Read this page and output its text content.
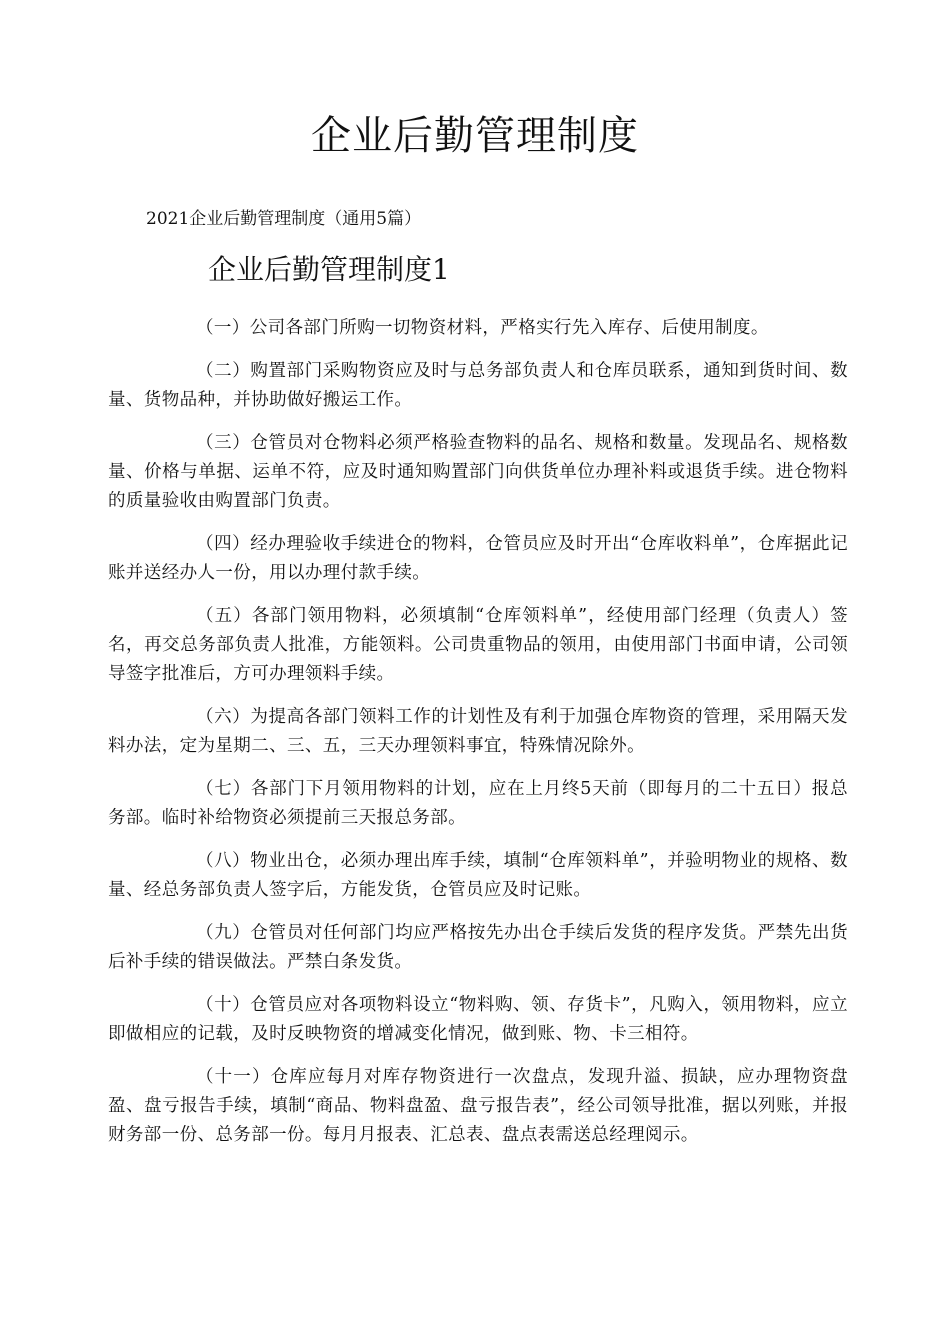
企业后勤管理制度

2021企业后勤管理制度（通用5篇）

企业后勤管理制度1

（一）公司各部门所购一切物资材料，严格实行先入库存、后使用制度。

（二）购置部门采购物资应及时与总务部负责人和仓库员联系，通知到货时间、数量、货物品种，并协助做好搬运工作。

（三）仓管员对仓物料必须严格验查物料的品名、规格和数量。发现品名、规格数量、价格与单据、运单不符，应及时通知购置部门向供货单位办理补料或退货手续。进仓物料的质量验收由购置部门负责。

（四）经办理验收手续进仓的物料，仓管员应及时开出“仓库收料单”，仓库据此记账并送经办人一份，用以办理付款手续。

（五）各部门领用物料，必须填制“仓库领料单”，经使用部门经理（负责人）签名，再交总务部负责人批准，方能领料。公司贵重物品的领用，由使用部门书面申请，公司领导签字批准后，方可办理领料手续。

（六）为提高各部门领料工作的计划性及有利于加强仓库物资的管理，采用隔天发料办法，定为星期二、三、五，三天办理领料事宜，特殊情况除外。

（七）各部门下月领用物料的计划，应在上月终5天前（即每月的二十五日）报总务部。临时补给物资必须提前三天报总务部。

（八）物业出仓，必须办理出库手续，填制“仓库领料单”，并验明物业的规格、数量、经总务部负责人签字后，方能发货，仓管员应及时记账。

（九）仓管员对任何部门均应严格按先办出仓手续后发货的程序发货。严禁先出货后补手续的错误做法。严禁白条发货。

（十）仓管员应对各项物料设立“物料购、领、存货卡”，凡购入，领用物料，应立即做相应的记载，及时反映物资的增减变化情况，做到账、物、卡三相符。

（十一）仓库应每月对库存物资进行一次盘点，发现升溢、损缺，应办理物资盘盈、盘亏报告手续，填制“商品、物料盘盈、盘亏报告表”，经公司领导批准，据以列账，并报财务部一份、总务部一份。每月月报表、汇总表、盘点表需送总经理阅示。
